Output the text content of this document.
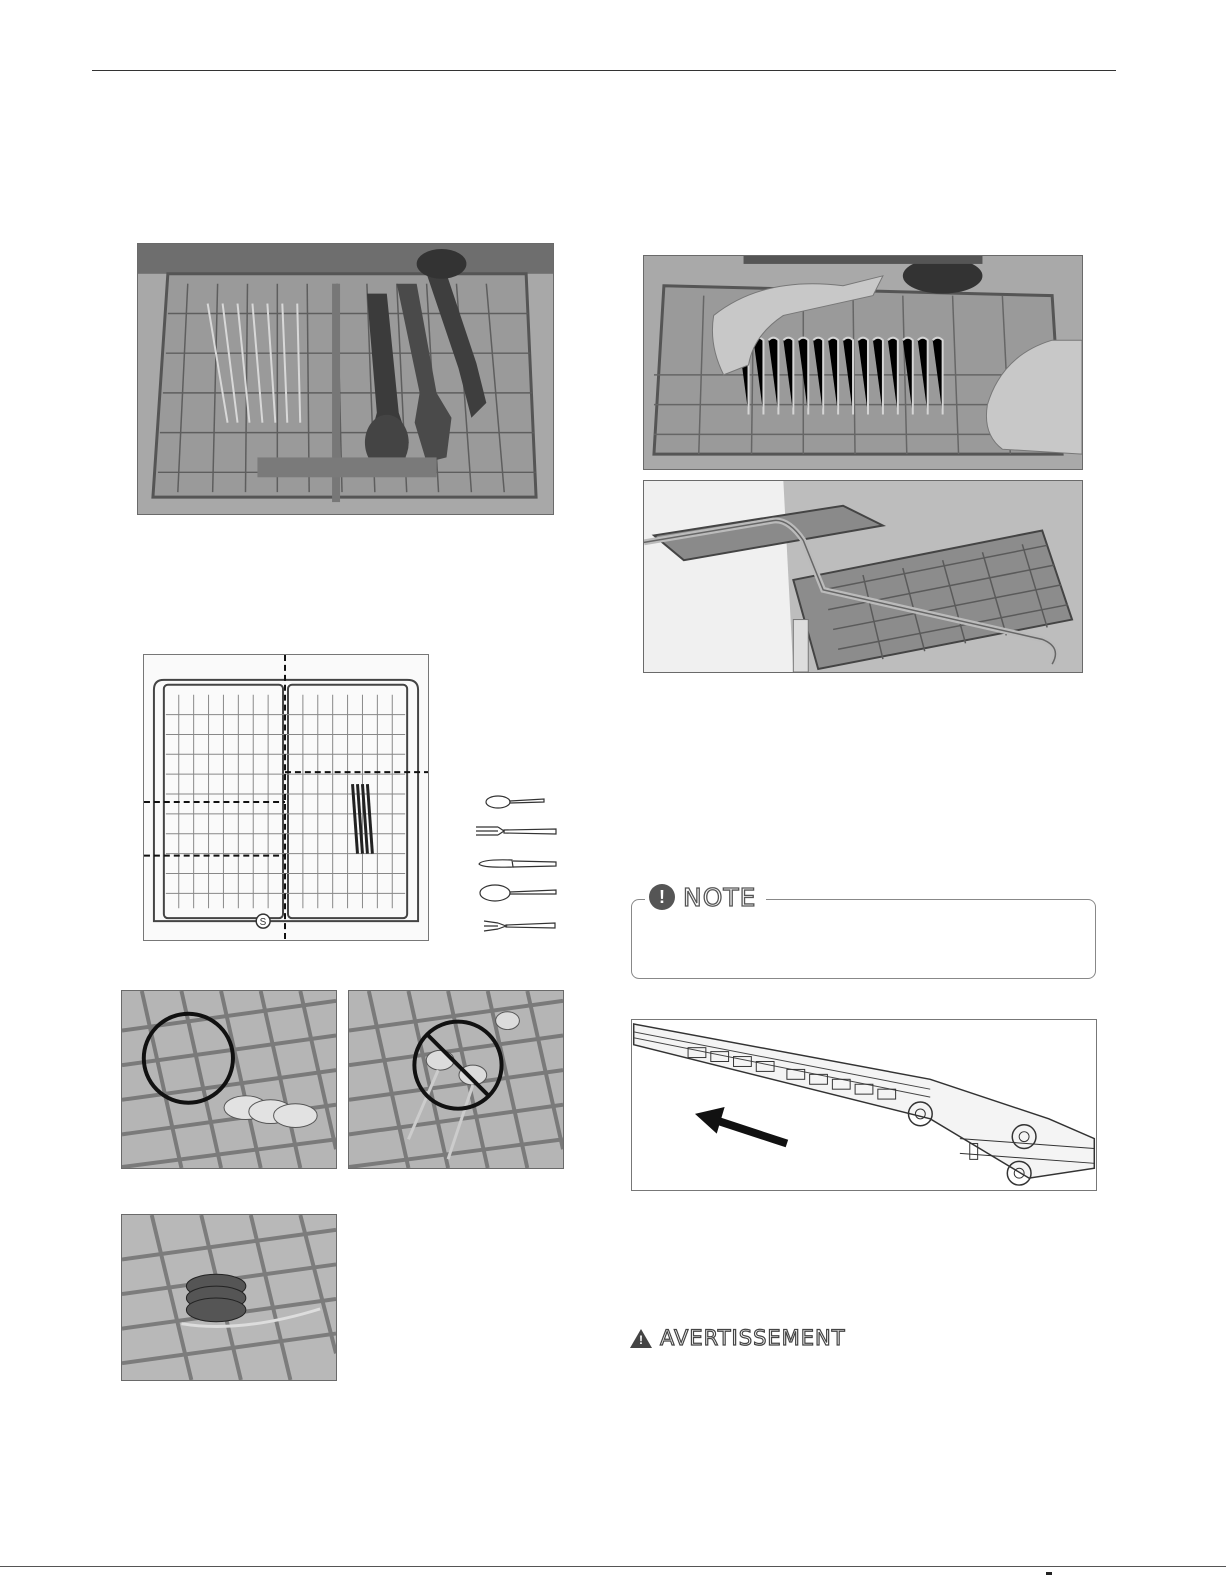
S
! NOTE
! AVERTISSEMENT
